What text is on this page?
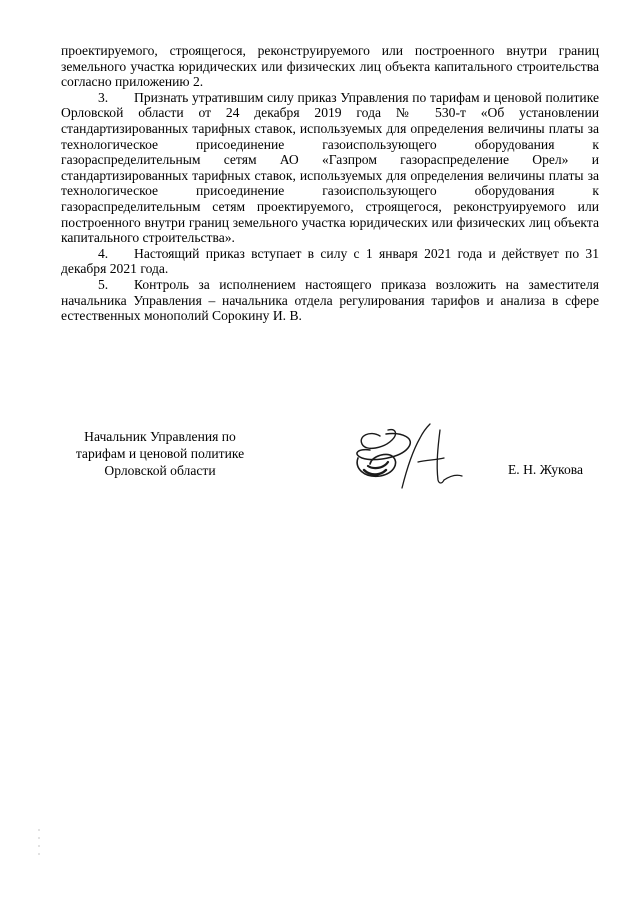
проектируемого, строящегося, реконструируемого или построенного внутри границ земельного участка юридических или физических лиц объекта капитального строительства согласно приложению 2.

3. Признать утратившим силу приказ Управления по тарифам и ценовой политике Орловской области от 24 декабря 2019 года № 530-т «Об установлении стандартизированных тарифных ставок, используемых для определения величины платы за технологическое присоединение газоиспользующего оборудования к газораспределительным сетям АО «Газпром газораспределение Орел» и стандартизированных тарифных ставок, используемых для определения величины платы за технологическое присоединение газоиспользующего оборудования к газораспределительным сетям проектируемого, строящегося, реконструируемого или построенного внутри границ земельного участка юридических или физических лиц объекта капитального строительства».

4. Настоящий приказ вступает в силу с 1 января 2021 года и действует по 31 декабря 2021 года.

5. Контроль за исполнением настоящего приказа возложить на заместителя начальника Управления – начальника отдела регулирования тарифов и анализа в сфере естественных монополий Сорокину И. В.

Начальник Управления по
тарифам и ценовой политике
Орловской области	Е. Н. Жукова
